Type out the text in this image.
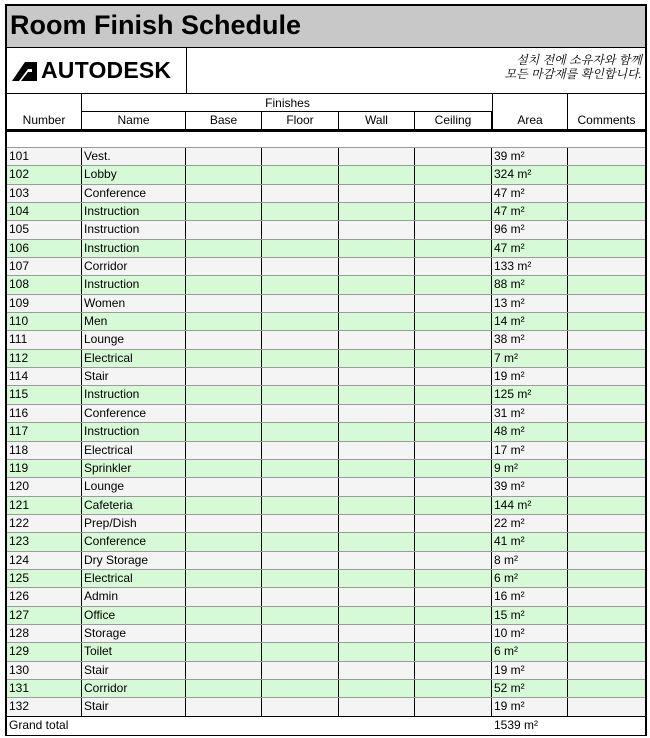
Room Finish Schedule
AUTODESK	설치 전에 소유자와 함께
모든 마감재를 확인합니다.
Number
Finishes
Name	Base	Floor	Wall	Ceiling	Area	Comments
101	Vest.	39 m²
102	Lobby	324 m²
103	Conference	47 m²
104	Instruction	47 m²
105	Instruction	96 m²
106	Instruction	47 m²
107	Corridor	133 m²
108	Instruction	88 m²
109	Women	13 m²
110	Men	14 m²
111	Lounge	38 m²
112	Electrical	7 m²
114	Stair	19 m²
115	Instruction	125 m²
116	Conference	31 m²
117	Instruction	48 m²
118	Electrical	17 m²
119	Sprinkler	9 m²
120	Lounge	39 m²
121	Cafeteria	144 m²
122	Prep/Dish	22 m²
123	Conference	41 m²
124	Dry Storage	8 m²
125	Electrical	6 m²
126	Admin	16 m²
127	Office	15 m²
128	Storage	10 m²
129	Toilet	6 m²
130	Stair	19 m²
131	Corridor	52 m²
132	Stair	19 m²
Grand total	1539 m²
